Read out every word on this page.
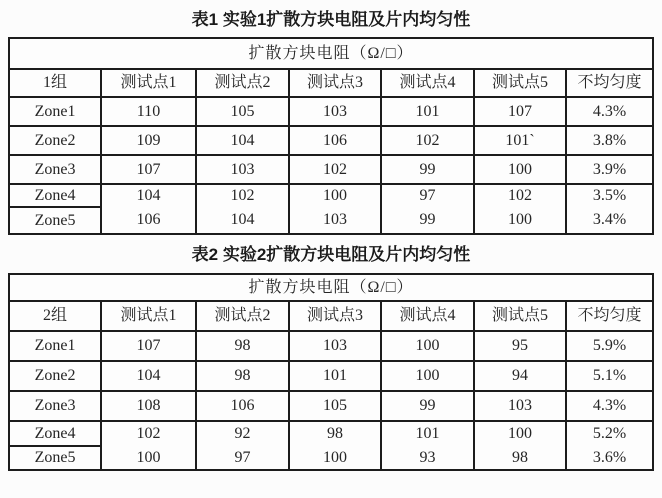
表1 实验1扩散方块电阻及片内均匀性
扩散方块电阻（Ω/□）						
1组	测试点1	测试点2	测试点3	测试点4	测试点5	不均匀度
Zone1	110	105	103	101	107	4.3%
Zone2	109	104	106	102	101`	3.8%
Zone3	107	103	102	99	100	3.9%
Zone4	104	102	100	97	102	3.5%
Zone5	106	104	103	99	100	3.4%
表2 实验2扩散方块电阻及片内均匀性
扩散方块电阻（Ω/□）						
2组	测试点1	测试点2	测试点3	测试点4	测试点5	不均匀度
Zone1	107	98	103	100	95	5.9%
Zone2	104	98	101	100	94	5.1%
Zone3	108	106	105	99	103	4.3%
Zone4	102	92	98	101	100	5.2%
Zone5	100	97	100	93	98	3.6%
